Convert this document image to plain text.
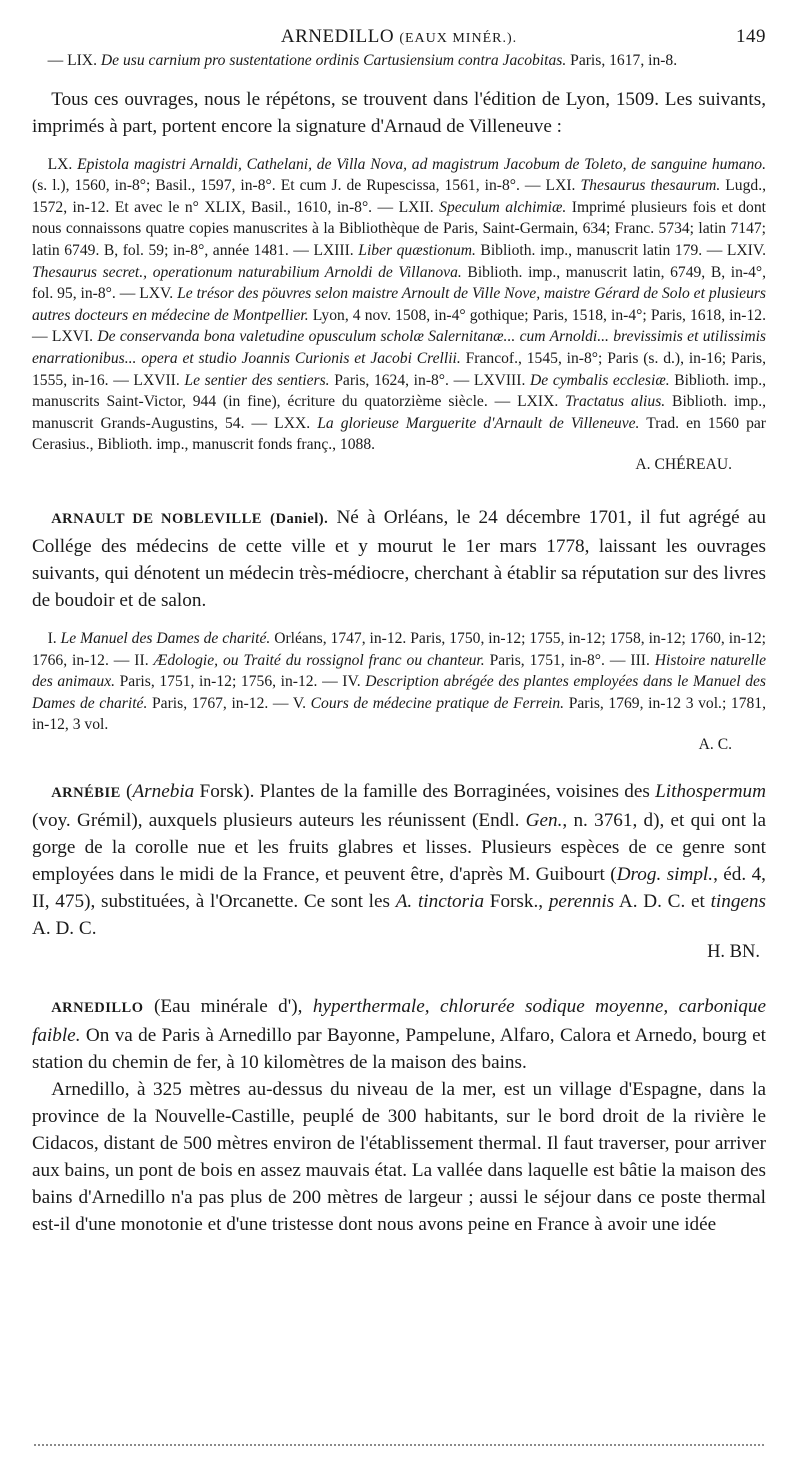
ARNEDILLO (EAUX MINÉR.).	149

 — LIX. De usu carnium pro sustentatione ordinis Cartusiensium contra Jacobitas. Paris, 1617, in-8.

 Tous ces ouvrages, nous le répétons, se trouvent dans l'édition de Lyon, 1509. Les suivants, imprimés à part, portent encore la signature d'Arnaud de Villeneuve :

 LX. Epistola magistri Arnaldi, Cathelani, de Villa Nova, ad magistrum Jacobum de Toleto, de sanguine humano. (s. l.), 1560, in-8°; Basil., 1597, in-8°. Et cum J. de Rupescissa, 1561, in-8°. — LXI. Thesaurus thesaurum. Lugd., 1572, in-12. Et avec le n° XLIX, Basil., 1610, in-8°. — LXII. Speculum alchimiæ. Imprimé plusieurs fois et dont nous connaissons quatre copies manuscrites à la Bibliothèque de Paris, Saint-Germain, 634; Franc. 5734; latin 7147; latin 6749. B, fol. 59; in-8°, année 1481. — LXIII. Liber quæstionum. Biblioth. imp., manuscrit latin 179. — LXIV. Thesaurus secret., operationum naturabilium Arnoldi de Villanova. Biblioth. imp., manuscrit latin, 6749, B, in-4°, fol. 95, in-8°. — LXV. Le trésor des pöuvres selon maistre Arnoult de Ville Nove, maistre Gérard de Solo et plusieurs autres docteurs en médecine de Montpellier. Lyon, 4 nov. 1508, in-4° gothique; Paris, 1518, in-4°; Paris, 1618, in-12. — LXVI. De conservanda bona valetudine opusculum scholæ Salernitanæ... cum Arnoldi... brevissimis et utilissimis enarrationibus... opera et studio Joannis Curionis et Jacobi Crellii. Francof., 1545, in-8°; Paris (s. d.), in-16; Paris, 1555, in-16. — LXVII. Le sentier des sentiers. Paris, 1624, in-8°. — LXVIII. De cymbalis ecclesiæ. Biblioth. imp., manuscrits Saint-Victor, 944 (in fine), écriture du quatorzième siècle. — LXIX. Tractatus alius. Biblioth. imp., manuscrit Grands-Augustins, 54. — LXX. La glorieuse Marguerite d'Arnault de Villeneuve. Trad. en 1560 par Cerasius., Biblioth. imp., manuscrit fonds franç., 1088.

A. CHÉREAU.

 ARNAULT DE NOBLEVILLE (Daniel). Né à Orléans, le 24 décembre 1701, il fut agrégé au Collége des médecins de cette ville et y mourut le 1er mars 1778, laissant les ouvrages suivants, qui dénotent un médecin très-médiocre, cherchant à établir sa réputation sur des livres de boudoir et de salon.

 I. Le Manuel des Dames de charité. Orléans, 1747, in-12. Paris, 1750, in-12; 1755, in-12; 1758, in-12; 1760, in-12; 1766, in-12. — II. Ædologie, ou Traité du rossignol franc ou chanteur. Paris, 1751, in-8°. — III. Histoire naturelle des animaux. Paris, 1751, in-12; 1756, in-12. — IV. Description abrégée des plantes employées dans le Manuel des Dames de charité. Paris, 1767, in-12. — V. Cours de médecine pratique de Ferrein. Paris, 1769, in-12 3 vol.; 1781, in-12, 3 vol.

A. C.

 ARNÉBIE (Arnebia Forsk). Plantes de la famille des Borraginées, voisines des Lithospermum (voy. Grémil), auxquels plusieurs auteurs les réunissent (Endl. Gen., n. 3761, d), et qui ont la gorge de la corolle nue et les fruits glabres et lisses. Plusieurs espèces de ce genre sont employées dans le midi de la France, et peuvent être, d'après M. Guibourt (Drog. simpl., éd. 4, II, 475), substituées, à l'Orcanette. Ce sont les A. tinctoria Forsk., perennis A. D. C. et tingens A. D. C.

H. BN.

 ARNEDILLO (Eau minérale d'), hyperthermale, chlorurée sodique moyenne, carbonique faible. On va de Paris à Arnedillo par Bayonne, Pampelune, Alfaro, Calora et Arnedo, bourg et station du chemin de fer, à 10 kilomètres de la maison des bains.

 Arnedillo, à 325 mètres au-dessus du niveau de la mer, est un village d'Espagne, dans la province de la Nouvelle-Castille, peuplé de 300 habitants, sur le bord droit de la rivière le Cidacos, distant de 500 mètres environ de l'établissement thermal. Il faut traverser, pour arriver aux bains, un pont de bois en assez mauvais état. La vallée dans laquelle est bâtie la maison des bains d'Arnedillo n'a pas plus de 200 mètres de largeur ; aussi le séjour dans ce poste thermal est-il d'une monotonie et d'une tristesse dont nous avons peine en France à avoir une idée
